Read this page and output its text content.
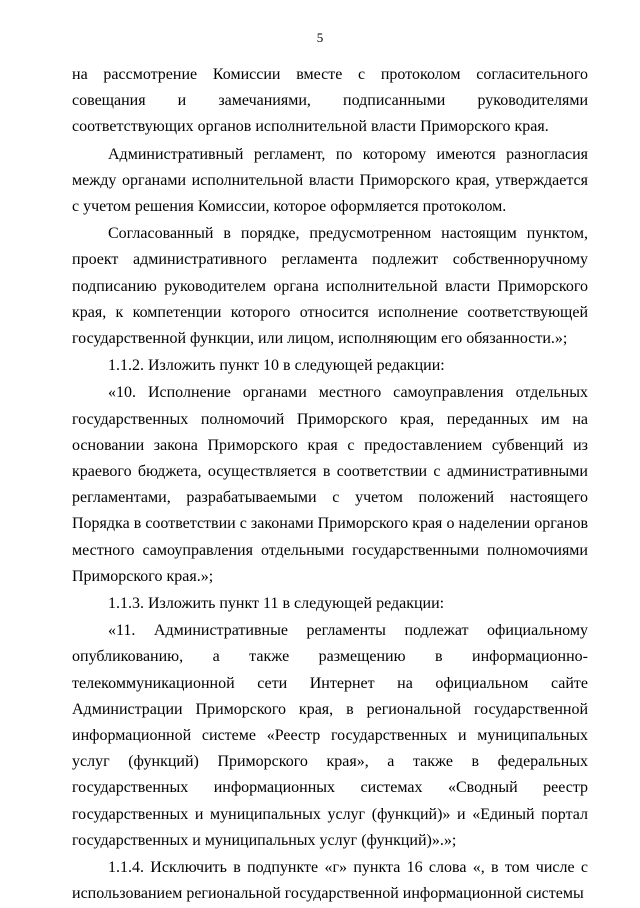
5

на рассмотрение Комиссии вместе с протоколом согласительного совещания и замечаниями, подписанными руководителями соответствующих органов исполнительной власти Приморского края.

Административный регламент, по которому имеются разногласия между органами исполнительной власти Приморского края, утверждается с учетом решения Комиссии, которое оформляется протоколом.

Согласованный в порядке, предусмотренном настоящим пунктом, проект административного регламента подлежит собственноручному подписанию руководителем органа исполнительной власти Приморского края, к компетенции которого относится исполнение соответствующей государственной функции, или лицом, исполняющим его обязанности.»;

1.1.2. Изложить пункт 10 в следующей редакции:

«10. Исполнение органами местного самоуправления отдельных государственных полномочий Приморского края, переданных им на основании закона Приморского края с предоставлением субвенций из краевого бюджета, осуществляется в соответствии с административными регламентами, разрабатываемыми с учетом положений настоящего Порядка в соответствии с законами Приморского края о наделении органов местного самоуправления отдельными государственными полномочиями Приморского края.»;

1.1.3. Изложить пункт 11 в следующей редакции:

«11. Административные регламенты подлежат официальному опубликованию, а также размещению в информационно-телекоммуникационной сети Интернет на официальном сайте Администрации Приморского края, в региональной государственной информационной системе «Реестр государственных и муниципальных услуг (функций) Приморского края», а также в федеральных государственных информационных системах «Сводный реестр государственных и муниципальных услуг (функций)» и «Единый портал государственных и муниципальных услуг (функций)».»;

1.1.4. Исключить в подпункте «г» пункта 16 слова «, в том числе с использованием региональной государственной информационной системы
